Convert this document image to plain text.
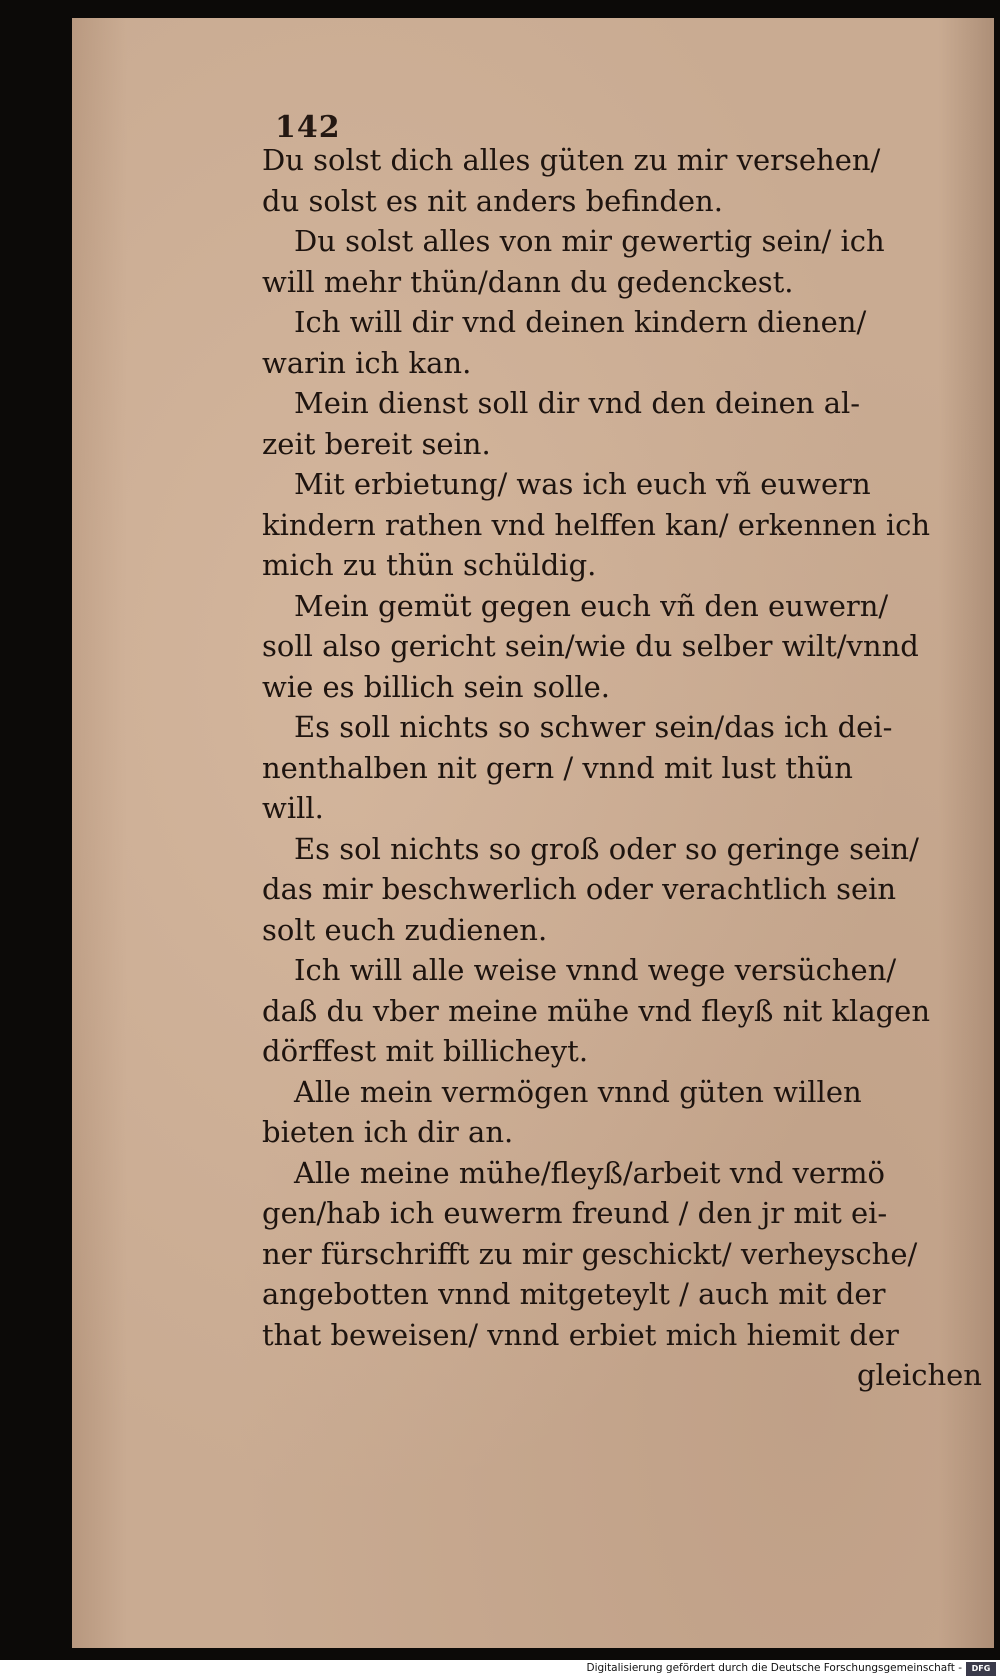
142

Du solst dich alles güten zu mir versehen/
du solst es nit anders befinden.

Du solst alles von mir gewertig sein/ ich
will mehr thün/dann du gedenckest.

Ich will dir vnd deinen kindern dienen/
warin ich kan.

Mein dienst soll dir vnd den deinen al-
zeit bereit sein.

Mit erbietung/ was ich euch vñ euwern
kindern rathen vnd helffen kan/ erkennen ich
mich zu thün schüldig.

Mein gemüt gegen euch vñ den euwern/
soll also gericht sein/wie du selber wilt/vnnd
wie es billich sein solle.

Es soll nichts so schwer sein/das ich dei-
nenthalben nit gern / vnnd mit lust thün
will.

Es sol nichts so groß oder so geringe sein/
das mir beschwerlich oder verachtlich sein
solt euch zudienen.

Ich will alle weise vnnd wege versüchen/
daß du vber meine mühe vnd fleyß nit klagen
dörffest mit billicheyt.

Alle mein vermögen vnnd güten willen
bieten ich dir an.

Alle meine mühe/fleyß/arbeit vnd vermö
gen/hab ich euwerm freund / den jr mit ei-
ner fürschrifft zu mir geschickt/ verheysche/
angebotten vnnd mitgeteylt / auch mit der
that beweisen/ vnnd erbiet mich hiemit der

gleichen
Digitalisierung gefördert durch die Deutsche Forschungsgemeinschaft -	DFG
